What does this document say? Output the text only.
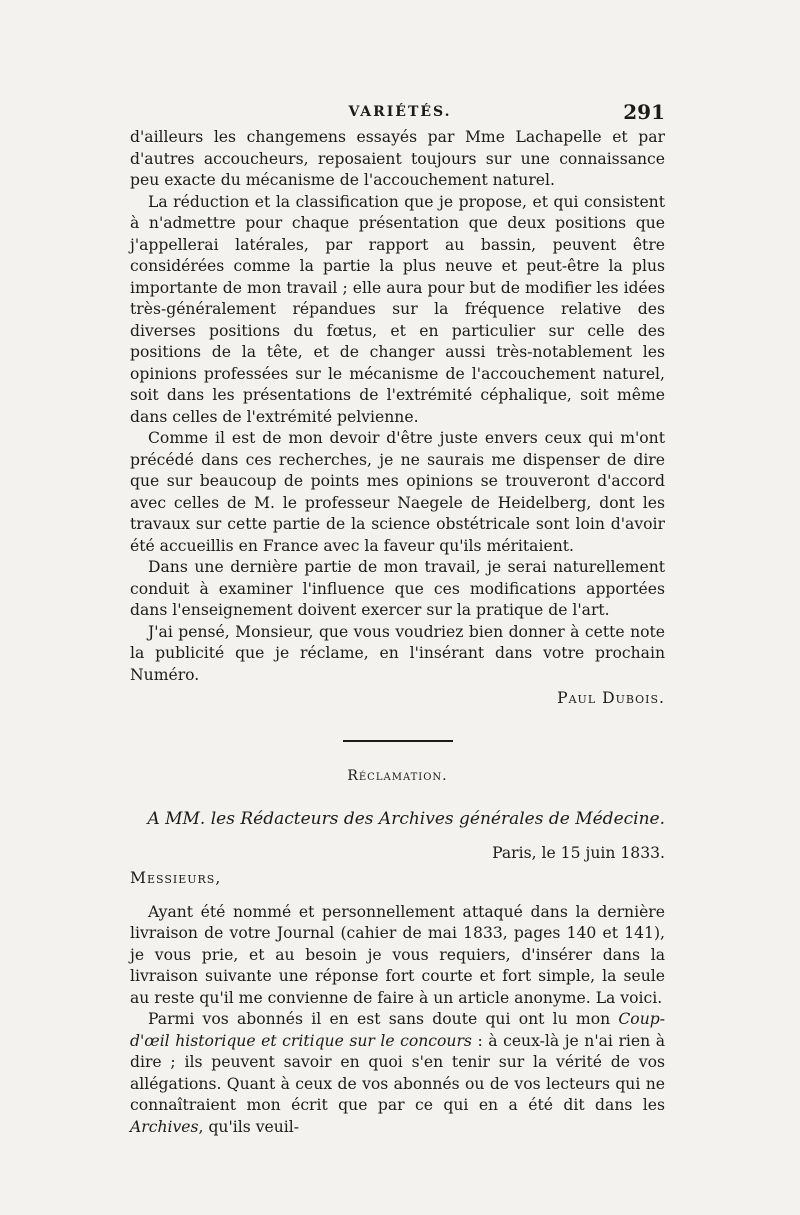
VARIÉTÉS.	291

d'ailleurs les changemens essayés par Mme Lachapelle et par d'autres accoucheurs, reposaient toujours sur une connaissance peu exacte du mécanisme de l'accouchement naturel.

La réduction et la classification que je propose, et qui consistent à n'admettre pour chaque présentation que deux positions que j'appellerai latérales, par rapport au bassin, peuvent être considérées comme la partie la plus neuve et peut-être la plus importante de mon travail ; elle aura pour but de modifier les idées très-généralement répandues sur la fréquence relative des diverses positions du fœtus, et en particulier sur celle des positions de la tête, et de changer aussi très-notablement les opinions professées sur le mécanisme de l'accouchement naturel, soit dans les présentations de l'extrémité céphalique, soit même dans celles de l'extrémité pelvienne.

Comme il est de mon devoir d'être juste envers ceux qui m'ont précédé dans ces recherches, je ne saurais me dispenser de dire que sur beaucoup de points mes opinions se trouveront d'accord avec celles de M. le professeur Naegele de Heidelberg, dont les travaux sur cette partie de la science obstétricale sont loin d'avoir été accueillis en France avec la faveur qu'ils méritaient.

Dans une dernière partie de mon travail, je serai naturellement conduit à examiner l'influence que ces modifications apportées dans l'enseignement doivent exercer sur la pratique de l'art.

J'ai pensé, Monsieur, que vous voudriez bien donner à cette note la publicité que je réclame, en l'insérant dans votre prochain Numéro.

Paul Dubois.

Réclamation.

A MM. les Rédacteurs des Archives générales de Médecine.

Paris, le 15 juin 1833.

Messieurs,

Ayant été nommé et personnellement attaqué dans la dernière livraison de votre Journal (cahier de mai 1833, pages 140 et 141), je vous prie, et au besoin je vous requiers, d'insérer dans la livraison suivante une réponse fort courte et fort simple, la seule au reste qu'il me convienne de faire à un article anonyme. La voici.

Parmi vos abonnés il en est sans doute qui ont lu mon Coup-d'œil historique et critique sur le concours : à ceux-là je n'ai rien à dire ; ils peuvent savoir en quoi s'en tenir sur la vérité de vos allégations. Quant à ceux de vos abonnés ou de vos lecteurs qui ne connaîtraient mon écrit que par ce qui en a été dit dans les Archives, qu'ils veuil-
